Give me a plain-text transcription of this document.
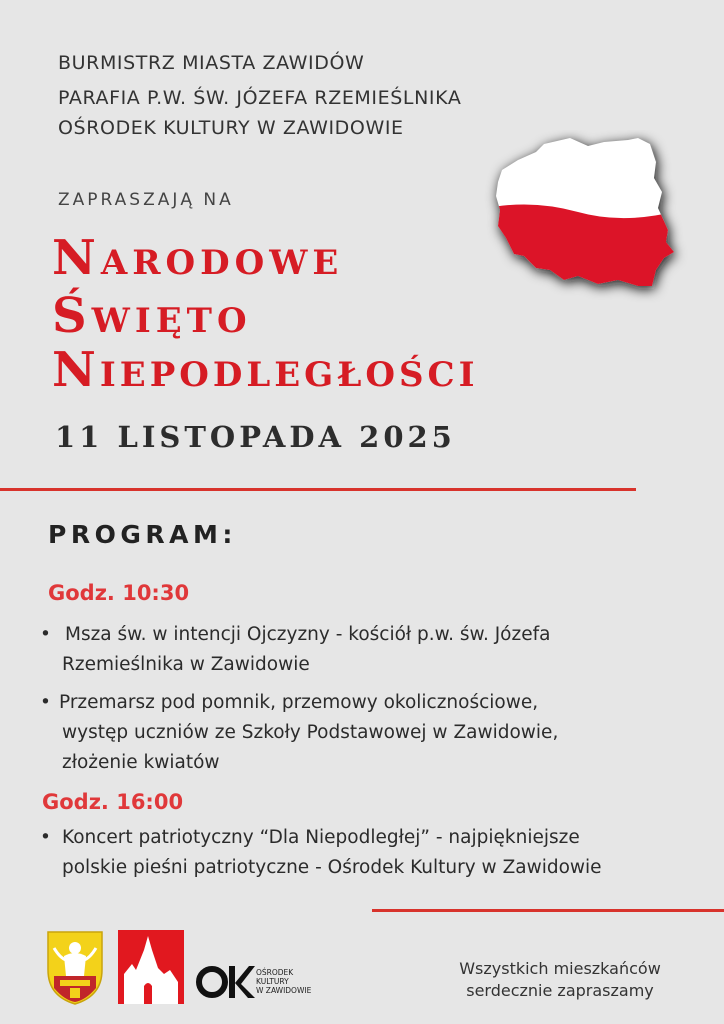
BURMISTRZ MIASTA ZAWIDÓW
PARAFIA P.W. ŚW. JÓZEFA RZEMIEŚLNIKA
OŚRODEK KULTURY W ZAWIDOWIE
ZAPRASZAJĄ NA
Narodowe
Święto
Niepodległości
11 LISTOPADA 2025
PROGRAM:
Godz. 10:30
• Msza św. w intencji Ojczyzny - kościół p.w. św. Józefa
Rzemieślnika w Zawidowie
• Przemarsz pod pomnik, przemowy okolicznościowe,
występ uczniów ze Szkoły Podstawowej w Zawidowie,
złożenie kwiatów
Godz. 16:00
• Koncert patriotyczny “Dla Niepodległej” - najpiękniejsze
polskie pieśni patriotyczne - Ośrodek Kultury w Zawidowie
OŚRODEK
KULTURY
W ZAWIDOWIE
Wszystkich mieszkańców
serdecznie zapraszamy
